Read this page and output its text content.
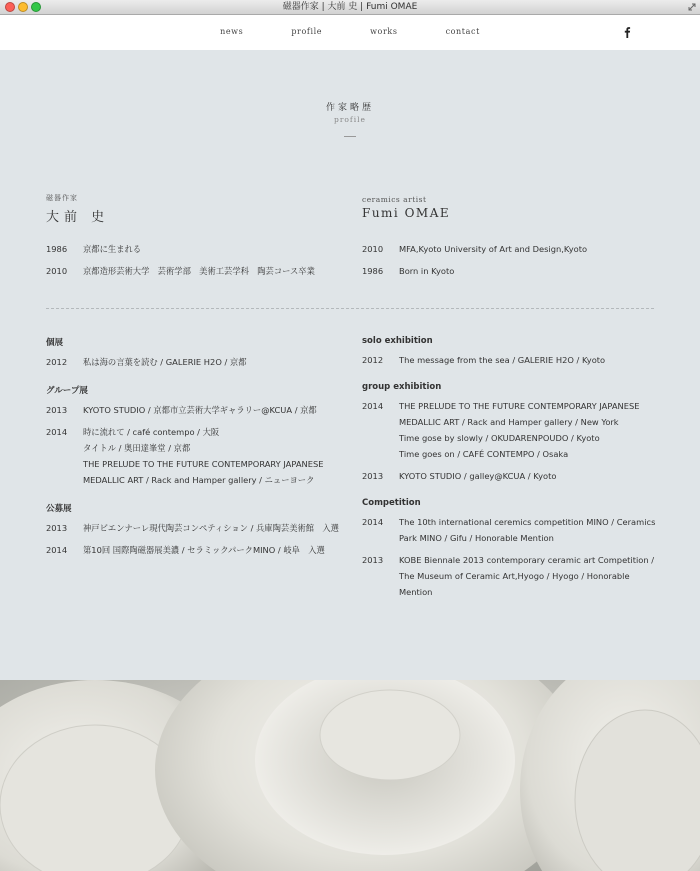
磁器作家 | 大前 史 | Fumi OMAE
news	profile	works	contact
作家略歴
profile
磁器作家
大前 史
ceramics artist
Fumi OMAE
1986	京都に生まれる
2010	京都造形芸術大学　芸術学部　美術工芸学科　陶芸コース卒業
2010	MFA,Kyoto University of Art and Design,Kyoto
1986	Born in Kyoto
個展
2012	私は海の言葉を読む / GALERIE H2O / 京都
グループ展
2013	KYOTO STUDIO / 京都市立芸術大学ギャラリー@KCUA / 京都
2014	時に流れて / café contempo / 大阪
タイトル / 奥田達峯堂 / 京都
THE PRELUDE TO THE FUTURE CONTEMPORARY JAPANESE
MEDALLIC ART / Rack and Hamper gallery / ニューヨーク
公募展
2013	神戸ビエンナーレ現代陶芸コンペティション / 兵庫陶芸美術館　入選
2014	第10回 国際陶磁器展美濃 / セラミックパークMINO / 岐阜　入選
solo exhibition
2012	The message from the sea / GALERIE H2O / Kyoto
group exhibition
2014	THE PRELUDE TO THE FUTURE CONTEMPORARY JAPANESE
MEDALLIC ART / Rack and Hamper gallery / New York
Time gose by slowly / OKUDARENPOUDO / Kyoto
Time goes on / CAFÉ CONTEMPO / Osaka
2013	KYOTO STUDIO / galley@KCUA / Kyoto
Competition
2014	The 10th international ceremics competition MINO / Ceramics
Park MINO / Gifu / Honorable Mention
2013	KOBE Biennale 2013 contemporary ceramic art Competition /
The Museum of Ceramic Art,Hyogo / Hyogo / Honorable
Mention
